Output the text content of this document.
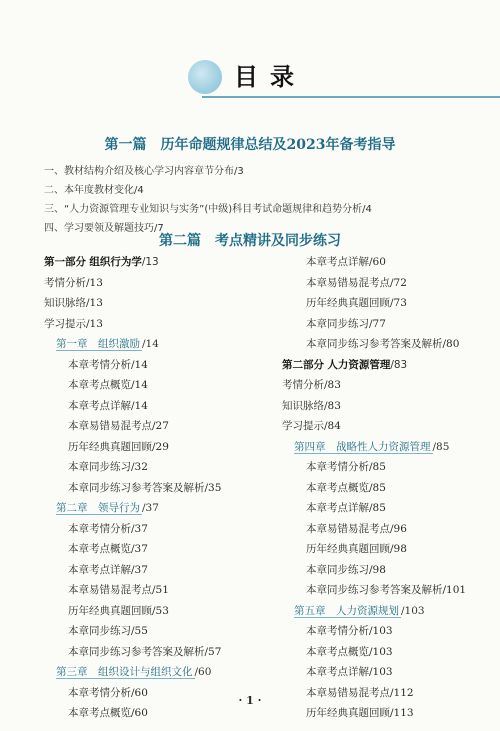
目录
第一篇　历年命题规律总结及2023年备考指导
一、教材结构介绍及核心学习内容章节分布/3
二、本年度教材变化/4
三、“人力资源管理专业知识与实务”(中级)科目考试命题规律和趋势分析/4
四、学习要领及解题技巧/7
第二篇　考点精讲及同步练习
第一部分 组织行为学/13
考情分析/13
知识脉络/13
学习提示/13
第一章　组织激励 /14
本章考情分析/14
本章考点概览/14
本章考点详解/14
本章易错易混考点/27
历年经典真题回顾/29
本章同步练习/32
本章同步练习参考答案及解析/35
第二章　领导行为 /37
本章考情分析/37
本章考点概览/37
本章考点详解/37
本章易错易混考点/51
历年经典真题回顾/53
本章同步练习/55
本章同步练习参考答案及解析/57
第三章　组织设计与组织文化 /60
本章考情分析/60
本章考点概览/60
本章考点详解/60
本章易错易混考点/72
历年经典真题回顾/73
本章同步练习/77
本章同步练习参考答案及解析/80
第二部分 人力资源管理/83
考情分析/83
知识脉络/83
学习提示/84
第四章　战略性人力资源管理 /85
本章考情分析/85
本章考点概览/85
本章考点详解/85
本章易错易混考点/96
历年经典真题回顾/98
本章同步练习/98
本章同步练习参考答案及解析/101
第五章　人力资源规划 /103
本章考情分析/103
本章考点概览/103
本章考点详解/103
本章易错易混考点/112
历年经典真题回顾/113
· 1 ·
